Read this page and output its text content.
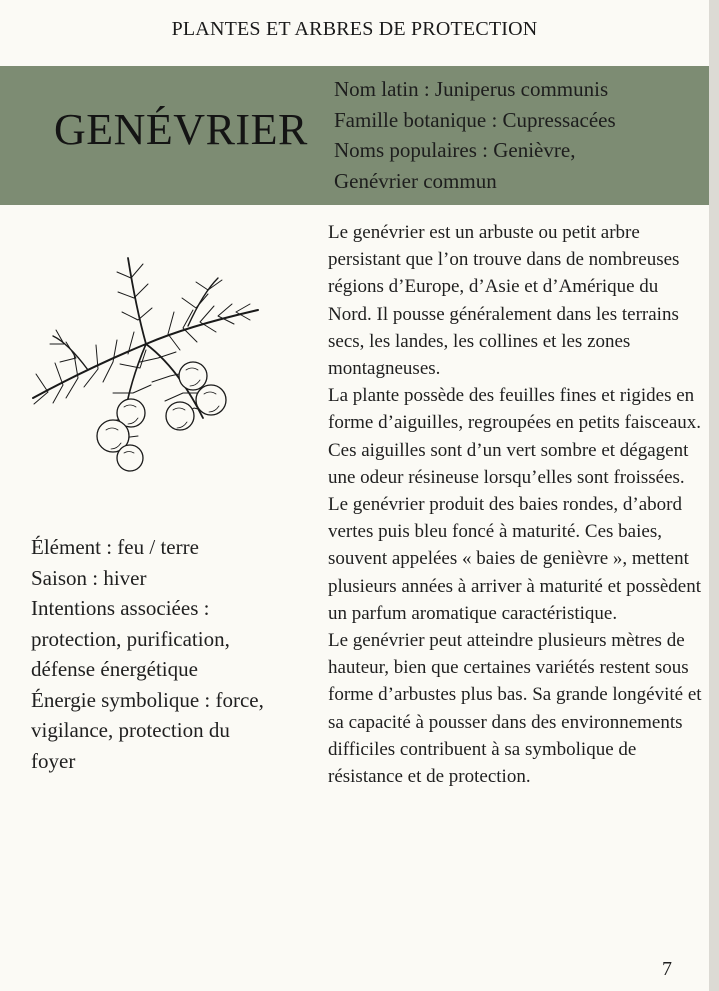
PLANTES ET ARBRES DE PROTECTION
GENÉVRIER
Nom latin : Juniperus communis
Famille botanique : Cupressacées
Noms populaires : Genièvre,
Genévrier commun
Élément : feu / terre
Saison : hiver
Intentions associées :
protection, purification,
défense énergétique
Énergie symbolique : force,
vigilance, protection du
foyer

Le genévrier est un arbuste ou petit arbre persistant que l’on trouve dans de nombreuses régions d’Europe, d’Asie et d’Amérique du Nord. Il pousse généralement dans les terrains secs, les landes, les collines et les zones montagneuses.

La plante possède des feuilles fines et rigides en forme d’aiguilles, regroupées en petits faisceaux. Ces aiguilles sont d’un vert sombre et dégagent une odeur résineuse lorsqu’elles sont froissées.

Le genévrier produit des baies rondes, d’abord vertes puis bleu foncé à maturité. Ces baies, souvent appelées « baies de genièvre », mettent plusieurs années à arriver à maturité et possèdent un parfum aromatique caractéristique.

Le genévrier peut atteindre plusieurs mètres de hauteur, bien que certaines variétés restent sous forme d’arbustes plus bas. Sa grande longévité et sa capacité à pousser dans des environnements difficiles contribuent à sa symbolique de résistance et de protection.

7
